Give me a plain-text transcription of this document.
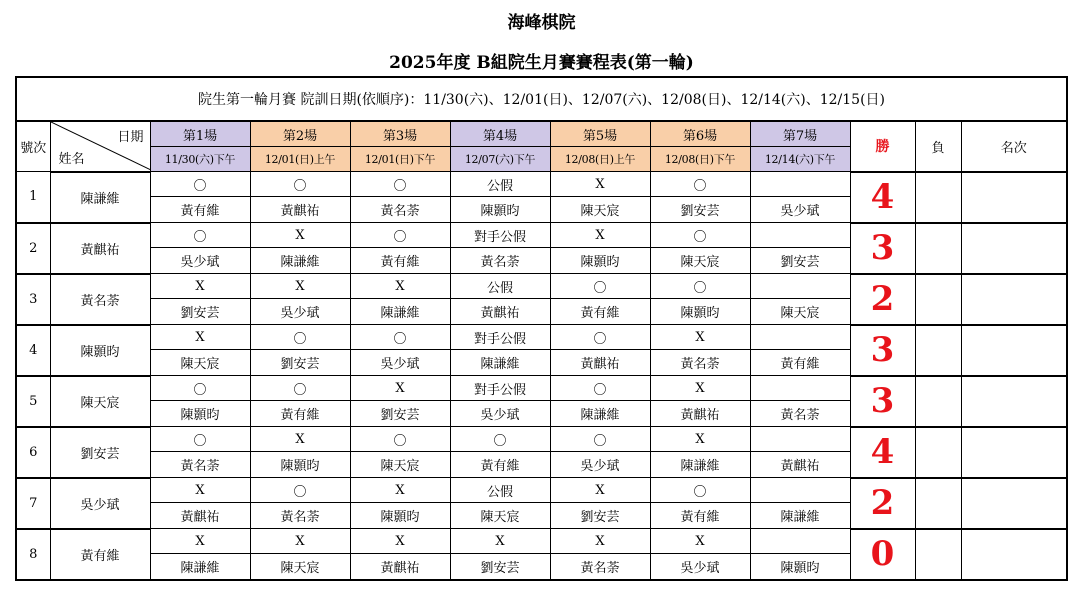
海峰棋院
2025年度 B組院生月賽賽程表(第一輪)
院生第一輪月賽 院訓日期(依順序)：11/30(六)、12/01(日)、12/07(六)、12/08(日)、12/14(六)、12/15(日)											
號次	日期
姓名	第1場	第2場	第3場	第4場	第5場	第6場	第7場	勝	負	名次
		11/30(六)下午	12/01(日)上午	12/01(日)下午	12/07(六)下午	12/08(日)上午	12/08(日)下午	12/14(六)下午			
1	陳謙維	〇	〇	〇	公假	X	〇		4		
		黃有維	黃麒祐	黃名荼	陳顥昀	陳天宸	劉安芸	吳少珷			
2	黃麒祐	〇	X	〇	對手公假	X	〇		3		
		吳少珷	陳謙維	黃有維	黃名荼	陳顥昀	陳天宸	劉安芸			
3	黃名荼	X	X	X	公假	〇	〇		2		
		劉安芸	吳少珷	陳謙維	黃麒祐	黃有維	陳顥昀	陳天宸			
4	陳顥昀	X	〇	〇	對手公假	〇	X		3		
		陳天宸	劉安芸	吳少珷	陳謙維	黃麒祐	黃名荼	黃有維			
5	陳天宸	〇	〇	X	對手公假	〇	X		3		
		陳顥昀	黃有維	劉安芸	吳少珷	陳謙維	黃麒祐	黃名荼			
6	劉安芸	〇	X	〇	〇	〇	X		4		
		黃名荼	陳顥昀	陳天宸	黃有維	吳少珷	陳謙維	黃麒祐			
7	吳少珷	X	〇	X	公假	X	〇		2		
		黃麒祐	黃名荼	陳顥昀	陳天宸	劉安芸	黃有維	陳謙維			
8	黃有維	X	X	X	X	X	X		0		
		陳謙維	陳天宸	黃麒祐	劉安芸	黃名荼	吳少珷	陳顥昀			
